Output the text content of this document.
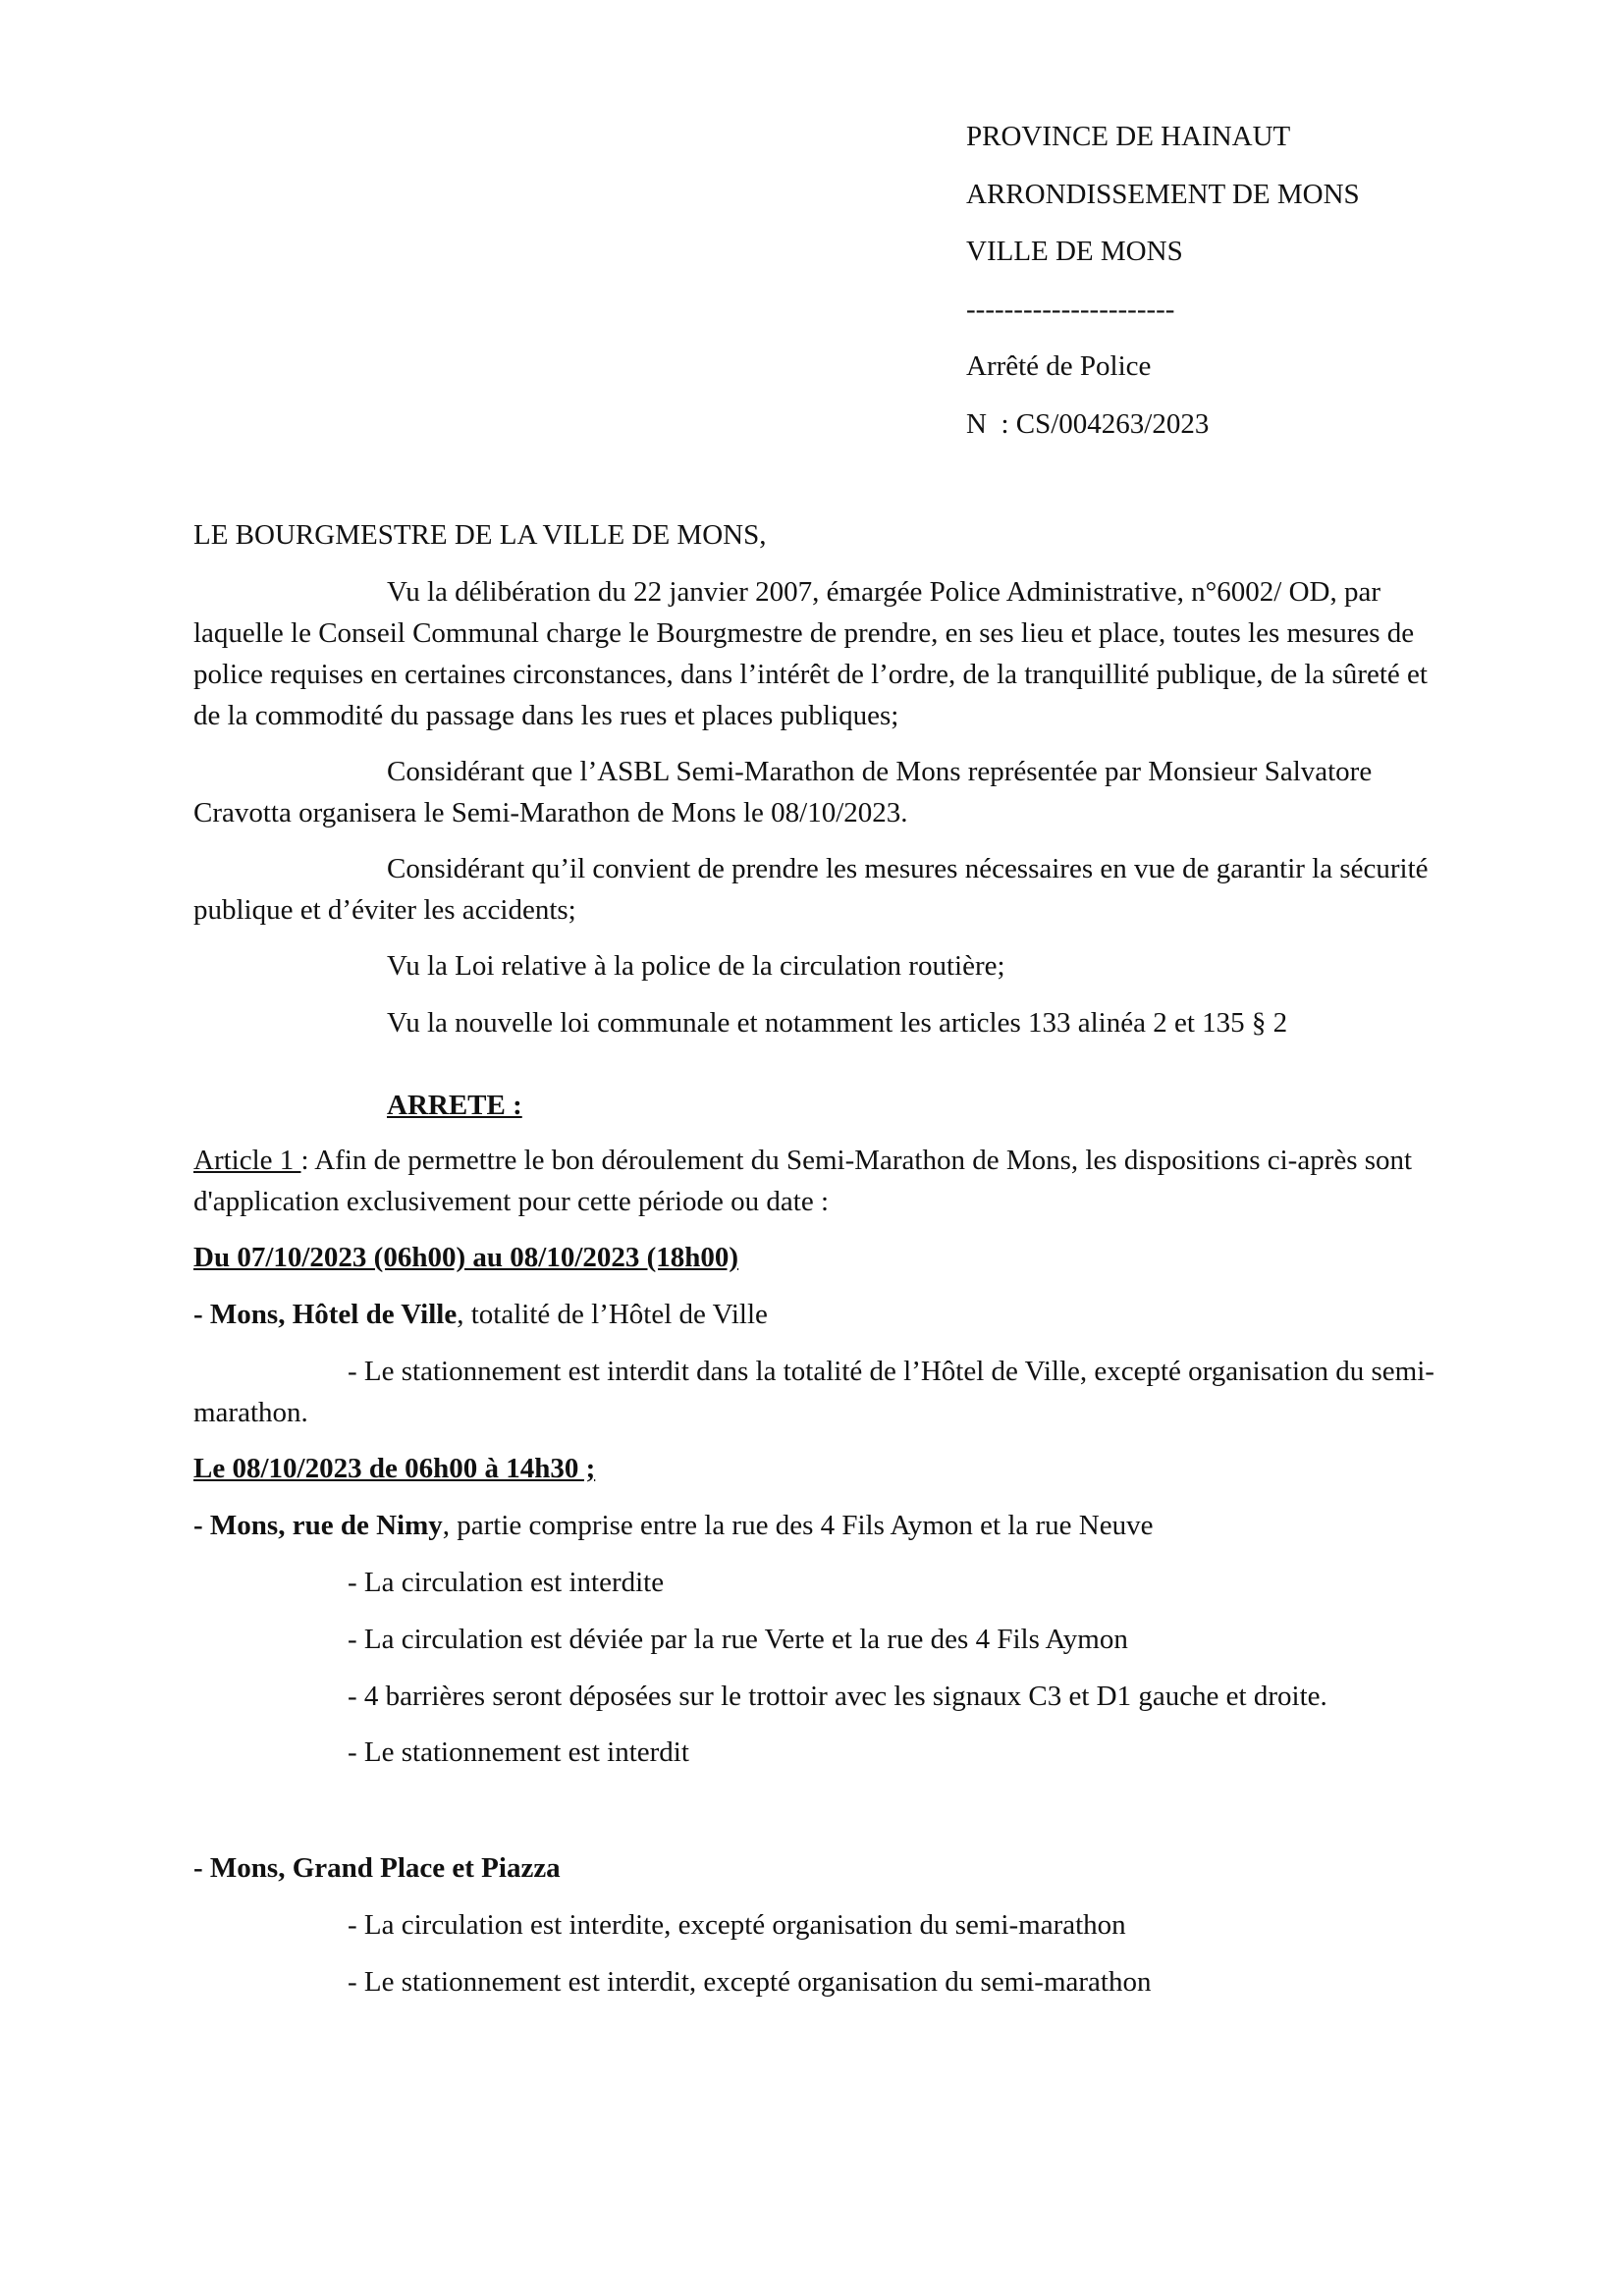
PROVINCE DE HAINAUT
ARRONDISSEMENT DE MONS
VILLE DE MONS
----------------------
Arrêté de Police
N  : CS/004263/2023

LE BOURGMESTRE DE LA VILLE DE MONS,

Vu la délibération du 22 janvier 2007, émargée Police Administrative, n°6002/ OD, par laquelle le Conseil Communal charge le Bourgmestre de prendre, en ses lieu et place, toutes les mesures de police requises en certaines circonstances, dans l’intérêt de l’ordre, de la tranquillité publique, de la sûreté et de la commodité du passage dans les rues et places publiques;

Considérant que l’ASBL Semi-Marathon de Mons représentée par Monsieur Salvatore Cravotta organisera le Semi-Marathon de Mons le 08/10/2023.

Considérant qu’il convient de prendre les mesures nécessaires en vue de garantir la sécurité publique et d’éviter les accidents;

Vu la Loi relative à la police de la circulation routière;

Vu la nouvelle loi communale et notamment les articles 133 alinéa 2 et 135 § 2

ARRETE :

Article 1 : Afin de permettre le bon déroulement du Semi-Marathon de Mons, les dispositions ci-après sont d'application exclusivement pour cette période ou date :

Du 07/10/2023 (06h00) au 08/10/2023 (18h00)

- Mons, Hôtel de Ville, totalité de l’Hôtel de Ville

- Le stationnement est interdit dans la totalité de l’Hôtel de Ville, excepté organisation du semi-marathon.

Le 08/10/2023 de 06h00 à 14h30 ;

- Mons, rue de Nimy, partie comprise entre la rue des 4 Fils Aymon et la rue Neuve

- La circulation est interdite

- La circulation est déviée par la rue Verte et la rue des 4 Fils Aymon

- 4 barrières seront déposées sur le trottoir avec les signaux C3 et D1 gauche et droite.

- Le stationnement est interdit

- Mons, Grand Place et Piazza

- La circulation est interdite, excepté organisation du semi-marathon

- Le stationnement est interdit, excepté organisation du semi-marathon
